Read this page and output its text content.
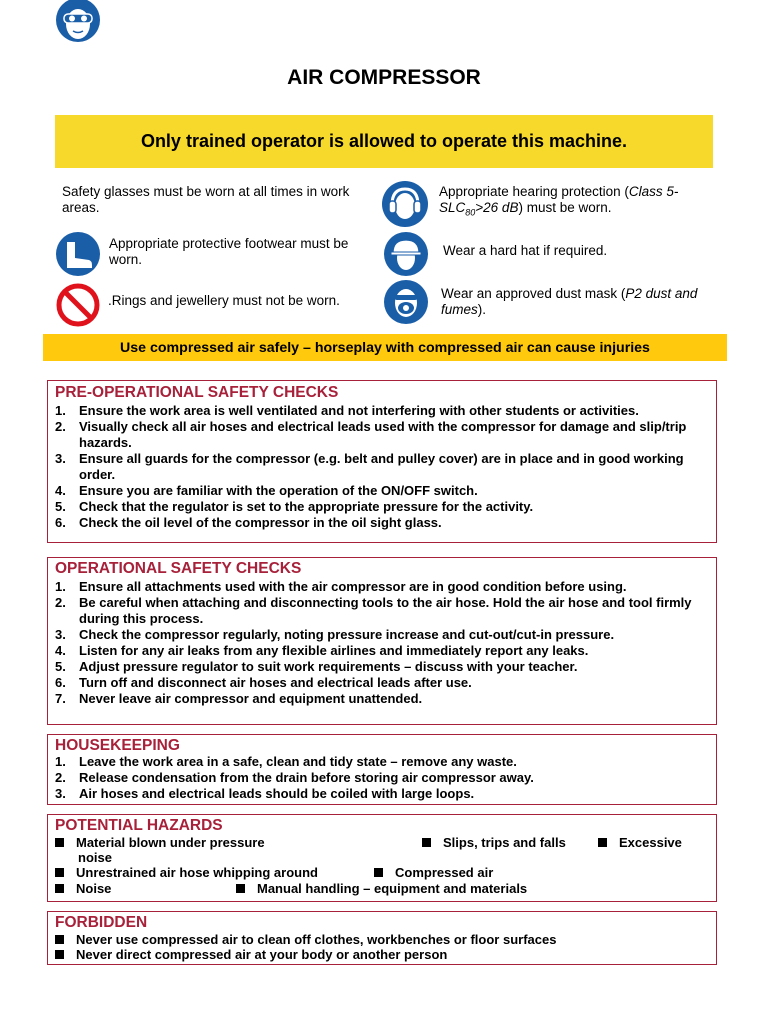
AIR COMPRESSOR
Only trained operator is allowed to operate this machine.
Safety glasses must be worn at all times in work areas.
Appropriate hearing protection (Class $5-SLC_{80}>26$ dB) must be worn.
Appropriate protective footwear must be worn.
Wear a hard hat if required.
.Rings and jewellery must not be worn.	Wear an approved dust mask (P2 dust and fumes).
Use compressed air safely – horseplay with compressed air can cause injuries
PRE-OPERATIONAL SAFETY CHECKS
1. Ensure the work area is well ventilated and not interfering with other students or activities.
2. Visually check all air hoses and electrical leads used with the compressor for damage and slip/trip hazards.
3. Ensure all guards for the compressor (e.g. belt and pulley cover) are in place and in good working order.
4. Ensure you are familiar with the operation of the ON/OFF switch.
5. Check that the regulator is set to the appropriate pressure for the activity.
6. Check the oil level of the compressor in the oil sight glass.
OPERATIONAL SAFETY CHECKS
1. Ensure all attachments used with the air compressor are in good condition before using.
2. Be careful when attaching and disconnecting tools to the air hose. Hold the air hose and tool firmly during this process.
3. Check the compressor regularly, noting pressure increase and cut-out/cut-in pressure.
4. Listen for any air leaks from any flexible airlines and immediately report any leaks.
5. Adjust pressure regulator to suit work requirements – discuss with your teacher.
6. Turn off and disconnect air hoses and electrical leads after use.
7. Never leave air compressor and equipment unattended.
HOUSEKEEPING
1. Leave the work area in a safe, clean and tidy state – remove any waste.
2. Release condensation from the drain before storing air compressor away.
3. Air hoses and electrical leads should be coiled with large loops.
POTENTIAL HAZARDS
Material blown under pressure	Slips, trips and falls	Excessive
noise
Unrestrained air hose whipping around	Compressed air
Noise	Manual handling – equipment and materials
FORBIDDEN
Never use compressed air to clean off clothes, workbenches or floor surfaces
Never direct compressed air at your body or another person
